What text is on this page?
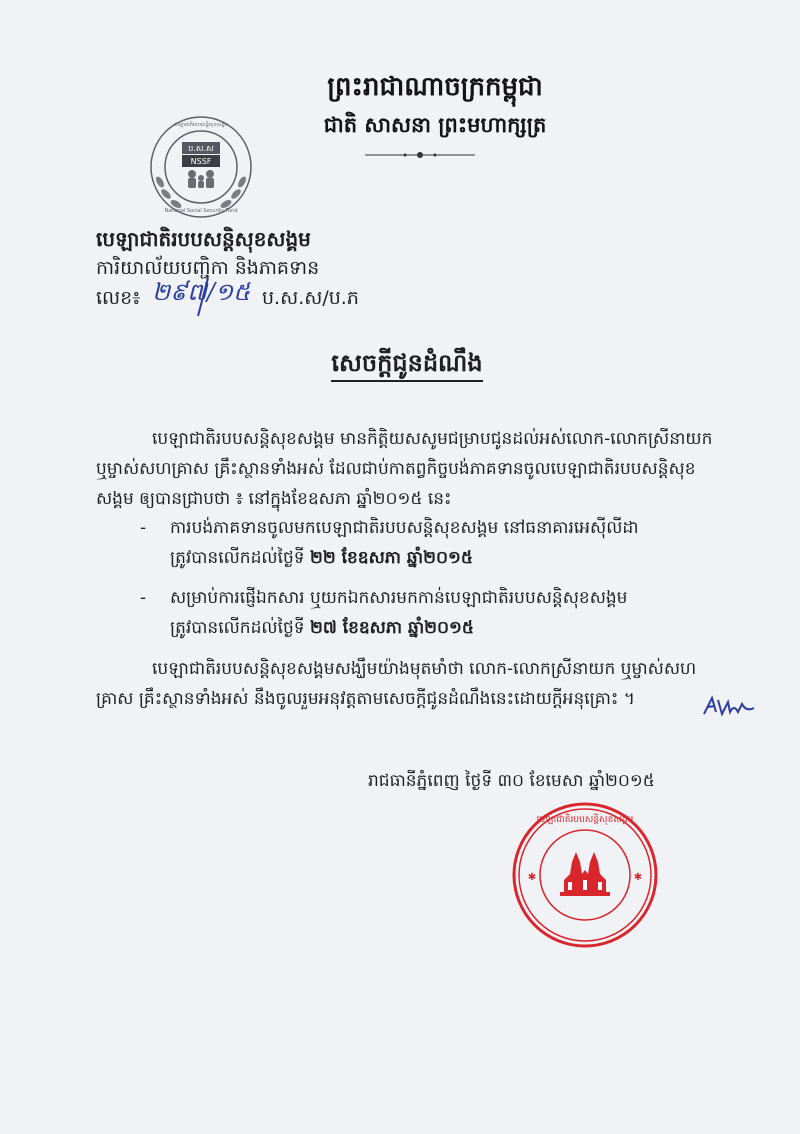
ព្រះរាជាណាចក្រកម្ពុជា
ជាតិ សាសនា ព្រះមហាក្សត្រ
ប.ស.ស
NSSF
National Social Security Fund
បេឡាជាតិរបបសន្តិសុខសង្គម
បេឡាជាតិរបបសន្តិសុខសង្គម
ការិយាល័យបញ្ជិកា និងភាគទាន
លេខ៖	ប.ស.ស/ប.ភ
២៩៧/១៥
សេចក្តីជូនដំណឹង
បេឡាជាតិរបបសន្តិសុខសង្គម មានកិត្តិយសសូមជម្រាបជូនដល់អស់លោក-លោកស្រីនាយក ឬម្ចាស់សហគ្រាស គ្រឹះស្ថានទាំងអស់ ដែលជាប់កាតព្វកិច្ចបង់ភាគទានចូលបេឡាជាតិរបបសន្តិសុខសង្គម ឲ្យបានជ្រាបថា ៖ នៅក្នុងខែឧសភា ឆ្នាំ២០១៥ នេះ
- ការបង់ភាគទានចូលមកបេឡាជាតិរបបសន្តិសុខសង្គម នៅធនាគារអេស៊ីលីដា
ត្រូវបានលើកដល់ថ្ងៃទី ២២ ខែឧសភា ឆ្នាំ២០១៥
- សម្រាប់ការផ្ញើឯកសារ ឬយកឯកសារមកកាន់បេឡាជាតិរបបសន្តិសុខសង្គម
ត្រូវបានលើកដល់ថ្ងៃទី ២៧ ខែឧសភា ឆ្នាំ២០១៥
បេឡាជាតិរបបសន្តិសុខសង្គមសង្ឃឹមយ៉ាងមុតមាំថា លោក-លោកស្រីនាយក ឬម្ចាស់សហគ្រាស គ្រឹះស្ថានទាំងអស់ នឹងចូលរួមអនុវត្តតាមសេចក្តីជូនដំណឹងនេះដោយក្តីអនុគ្រោះ ។
រាជធានីភ្នំពេញ ថ្ងៃទី ៣០ ខែមេសា ឆ្នាំ២០១៥
បេឡាជាតិរបបសន្តិសុខសង្គម
✱	✱
